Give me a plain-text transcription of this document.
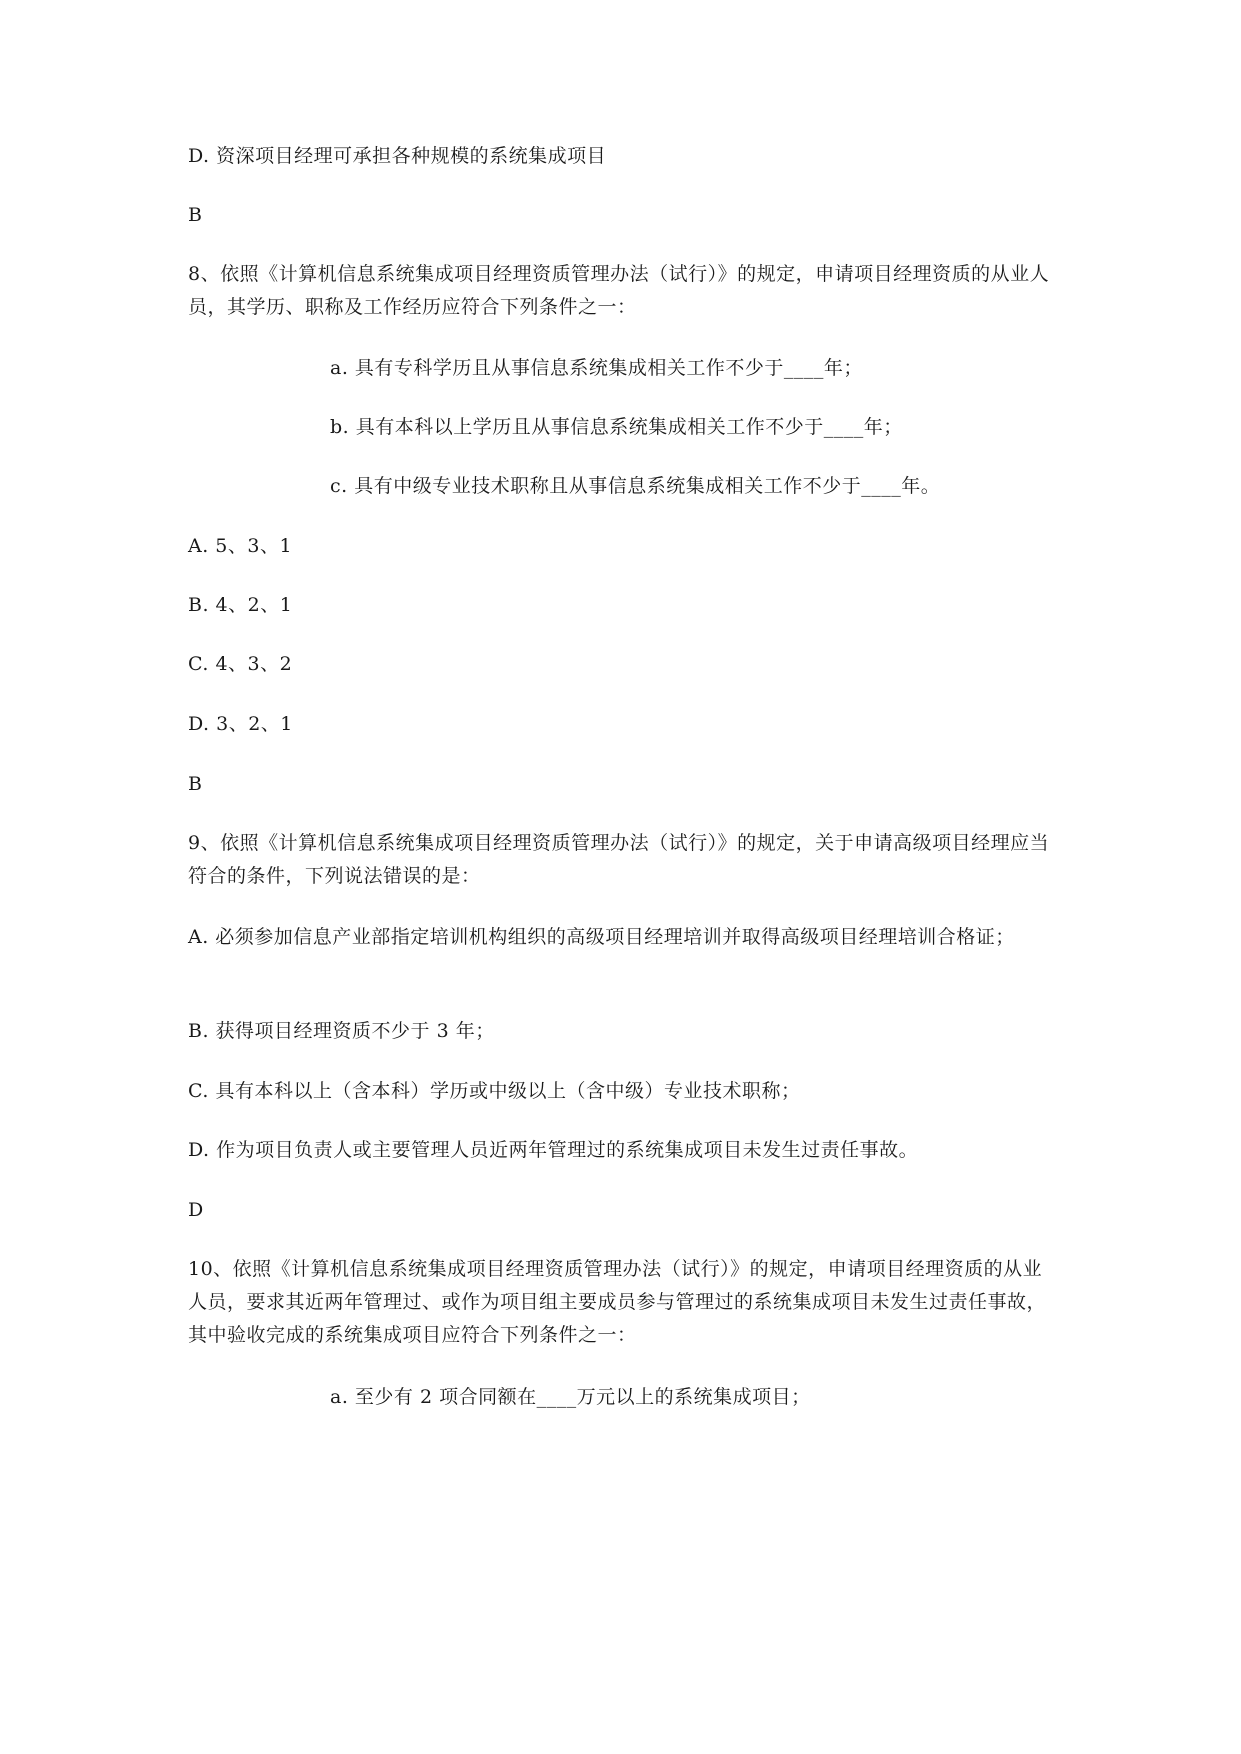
D. 资深项目经理可承担各种规模的系统集成项目
B
8、依照《计算机信息系统集成项目经理资质管理办法（试行）》的规定，申请项目经理资质的从业人员，其学历、职称及工作经历应符合下列条件之一：
a. 具有专科学历且从事信息系统集成相关工作不少于____年；
b. 具有本科以上学历且从事信息系统集成相关工作不少于____年；
c. 具有中级专业技术职称且从事信息系统集成相关工作不少于____年。
A. 5、3、1
B. 4、2、1
C. 4、3、2
D. 3、2、1
B
9、依照《计算机信息系统集成项目经理资质管理办法（试行）》的规定，关于申请高级项目经理应当符合的条件，下列说法错误的是：
A. 必须参加信息产业部指定培训机构组织的高级项目经理培训并取得高级项目经理培训合格证；
B. 获得项目经理资质不少于 3 年；
C. 具有本科以上（含本科）学历或中级以上（含中级）专业技术职称；
D. 作为项目负责人或主要管理人员近两年管理过的系统集成项目未发生过责任事故。
D
10、依照《计算机信息系统集成项目经理资质管理办法（试行）》的规定，申请项目经理资质的从业人员，要求其近两年管理过、或作为项目组主要成员参与管理过的系统集成项目未发生过责任事故，其中验收完成的系统集成项目应符合下列条件之一：
a. 至少有 2 项合同额在____万元以上的系统集成项目；
